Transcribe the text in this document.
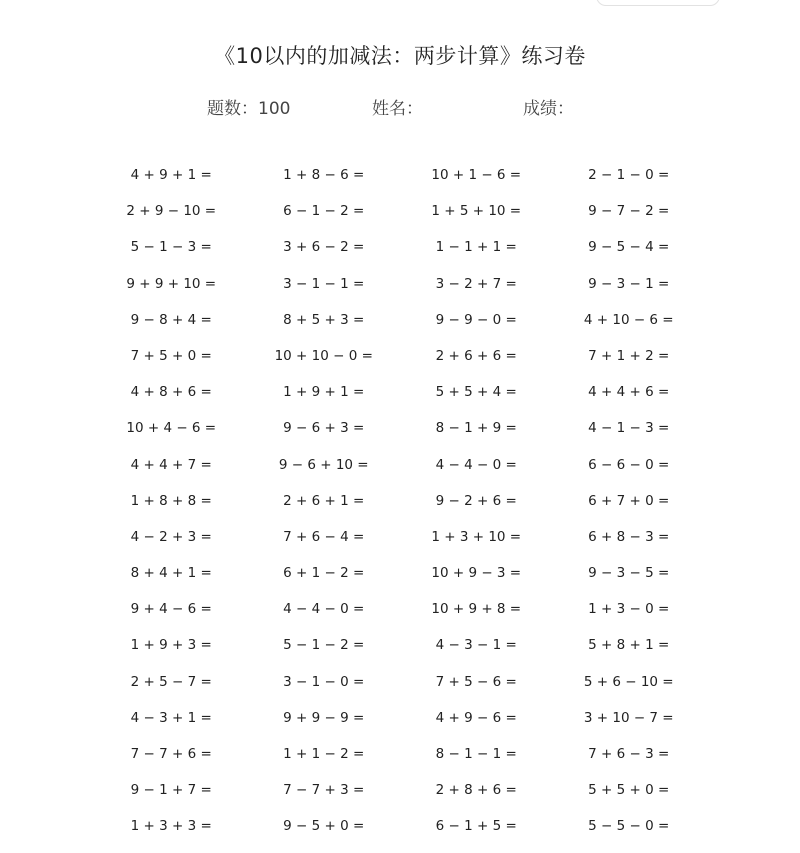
《10以内的加减法：两步计算》练习卷
题数：100	姓名：	成绩：
4 + 9 + 1 =	1 + 8 − 6 =	10 + 1 − 6 =	2 − 1 − 0 =
2 + 9 − 10 =	6 − 1 − 2 =	1 + 5 + 10 =	9 − 7 − 2 =
5 − 1 − 3 =	3 + 6 − 2 =	1 − 1 + 1 =	9 − 5 − 4 =
9 + 9 + 10 =	3 − 1 − 1 =	3 − 2 + 7 =	9 − 3 − 1 =
9 − 8 + 4 =	8 + 5 + 3 =	9 − 9 − 0 =	4 + 10 − 6 =
7 + 5 + 0 =	10 + 10 − 0 =	2 + 6 + 6 =	7 + 1 + 2 =
4 + 8 + 6 =	1 + 9 + 1 =	5 + 5 + 4 =	4 + 4 + 6 =
10 + 4 − 6 =	9 − 6 + 3 =	8 − 1 + 9 =	4 − 1 − 3 =
4 + 4 + 7 =	9 − 6 + 10 =	4 − 4 − 0 =	6 − 6 − 0 =
1 + 8 + 8 =	2 + 6 + 1 =	9 − 2 + 6 =	6 + 7 + 0 =
4 − 2 + 3 =	7 + 6 − 4 =	1 + 3 + 10 =	6 + 8 − 3 =
8 + 4 + 1 =	6 + 1 − 2 =	10 + 9 − 3 =	9 − 3 − 5 =
9 + 4 − 6 =	4 − 4 − 0 =	10 + 9 + 8 =	1 + 3 − 0 =
1 + 9 + 3 =	5 − 1 − 2 =	4 − 3 − 1 =	5 + 8 + 1 =
2 + 5 − 7 =	3 − 1 − 0 =	7 + 5 − 6 =	5 + 6 − 10 =
4 − 3 + 1 =	9 + 9 − 9 =	4 + 9 − 6 =	3 + 10 − 7 =
7 − 7 + 6 =	1 + 1 − 2 =	8 − 1 − 1 =	7 + 6 − 3 =
9 − 1 + 7 =	7 − 7 + 3 =	2 + 8 + 6 =	5 + 5 + 0 =
1 + 3 + 3 =	9 − 5 + 0 =	6 − 1 + 5 =	5 − 5 − 0 =
